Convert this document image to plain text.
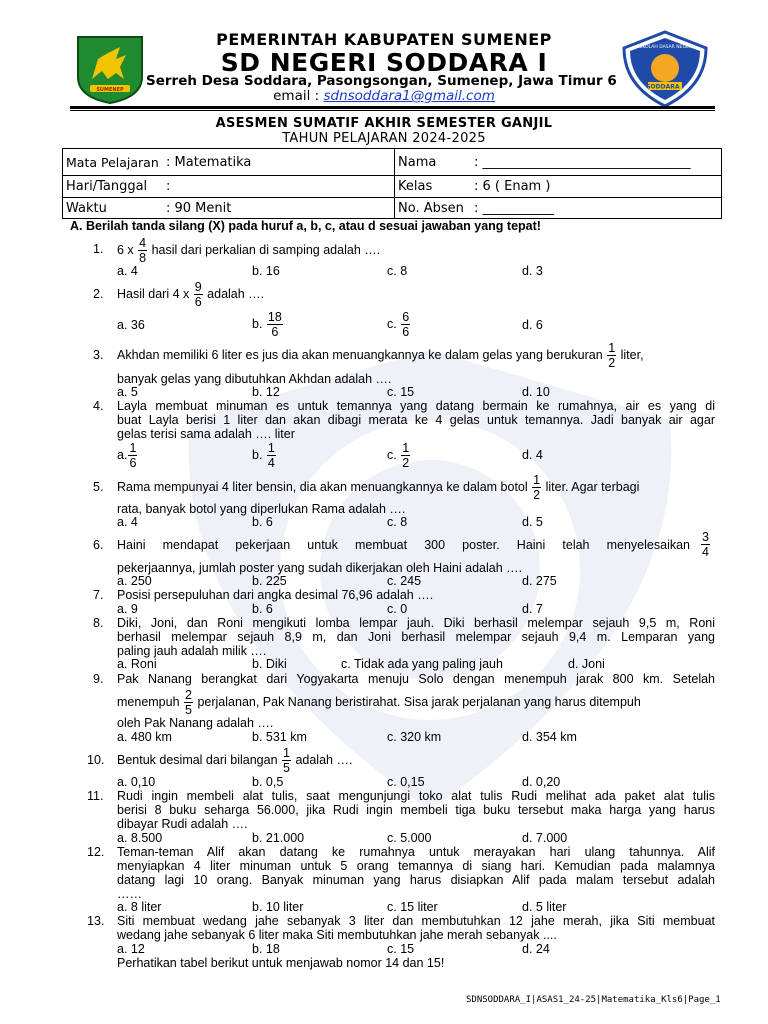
SUMENEP
SEKOLAH DASAR NEGERI
SODDARA I
PEMERINTAH KABUPATEN SUMENEP
SD NEGERI SODDARA I
Serreh Desa Soddara, Pasongsongan, Sumenep, Jawa Timur 6
email : sdnsoddara1@gmail.com
ASESMEN SUMATIF AKHIR SEMESTER GANJIL
TAHUN PELAJARAN 2024-2025
Mata Pelajaran	: Matematika	Nama	: ________________________________
Hari/Tanggal	:	Kelas	: 6 ( Enam )
Waktu	: 90 Menit	No. Absen	: ___________
A. Berilah tanda silang (X) pada huruf a, b, c, atau d sesuai jawaban yang tepat!
1. 6 x $\frac{4}{8}$ hasil dari perkalian di samping adalah ….
a. 4	b. 16	c. 8	d. 3
2. Hasil dari 4 x $\frac{9}{6}$ adalah ….
a. 36	b. $\frac{18}{6}$	c. $\frac{6}{6}$	d. 6
3. Akhdan memiliki 6 liter es jus dia akan menuangkannya ke dalam gelas yang berukuran $\frac{1}{2}$ liter,
banyak gelas yang dibutuhkan Akhdan adalah ….
a. 5	b. 12	c. 15	d. 10
4. Layla membuat minuman es untuk temannya yang datang bermain ke rumahnya, air es yang di
buat Layla berisi 1 liter dan akan dibagi merata ke 4 gelas untuk temannya. Jadi banyak air agar
gelas terisi sama adalah …. liter
a. $\frac{1}{6}$	b. $\frac{1}{4}$	c. $\frac{1}{2}$	d. 4
5. Rama mempunyai 4 liter bensin, dia akan menuangkannya ke dalam botol $\frac{1}{2}$ liter. Agar terbagi
rata, banyak botol yang diperlukan Rama adalah ….
a. 4	b. 6	c. 8	d. 5
6. Haini mendapat pekerjaan untuk membuat 300 poster. Haini telah menyelesaikan $\frac{3}{4}$
pekerjaannya, jumlah poster yang sudah dikerjakan oleh Haini adalah ….
a. 250	b. 225	c. 245	d. 275
7. Posisi persepuluhan dari angka desimal 76,96 adalah ….
a. 9	b. 6	c. 0	d. 7
8. Diki, Joni, dan Roni mengikuti lomba lempar jauh. Diki berhasil melempar sejauh 9,5 m, Roni
berhasil melempar sejauh 8,9 m, dan Joni berhasil melempar sejauh 9,4 m. Lemparan yang
paling jauh adalah milik ….
a. Roni	b. Diki	c. Tidak ada yang paling jauh	d. Joni
9. Pak Nanang berangkat dari Yogyakarta menuju Solo dengan menempuh jarak 800 km. Setelah
menempuh $\frac{2}{5}$ perjalanan, Pak Nanang beristirahat. Sisa jarak perjalanan yang harus ditempuh
oleh Pak Nanang adalah ….
a. 480 km	b. 531 km	c. 320 km	d. 354 km
10. Bentuk desimal dari bilangan $\frac{1}{5}$ adalah ….
a. 0,10	b. 0,5	c. 0,15	d. 0,20
11. Rudi ingin membeli alat tulis, saat mengunjungi toko alat tulis Rudi melihat ada paket alat tulis
berisi 8 buku seharga 56.000, jika Rudi ingin membeli tiga buku tersebut maka harga yang harus
dibayar Rudi adalah ….
a. 8.500	b. 21.000	c. 5.000	d. 7.000
12. Teman-teman Alif akan datang ke rumahnya untuk merayakan hari ulang tahunnya. Alif
menyiapkan 4 liter minuman untuk 5 orang temannya di siang hari. Kemudian pada malamnya
datang lagi 10 orang. Banyak minuman yang harus disiapkan Alif pada malam tersebut adalah
……
a. 8 liter	b. 10 liter	c. 15 liter	d. 5 liter
13. Siti membuat wedang jahe sebanyak 3 liter dan membutuhkan 12 jahe merah, jika Siti membuat
wedang jahe sebanyak 6 liter maka Siti membutuhkan jahe merah sebanyak ....
a. 12	b. 18	c. 15	d. 24
Perhatikan tabel berikut untuk menjawab nomor 14 dan 15!
SDNSODDARA_I|ASAS1_24-25|Matematika_Kls6|Page_1
